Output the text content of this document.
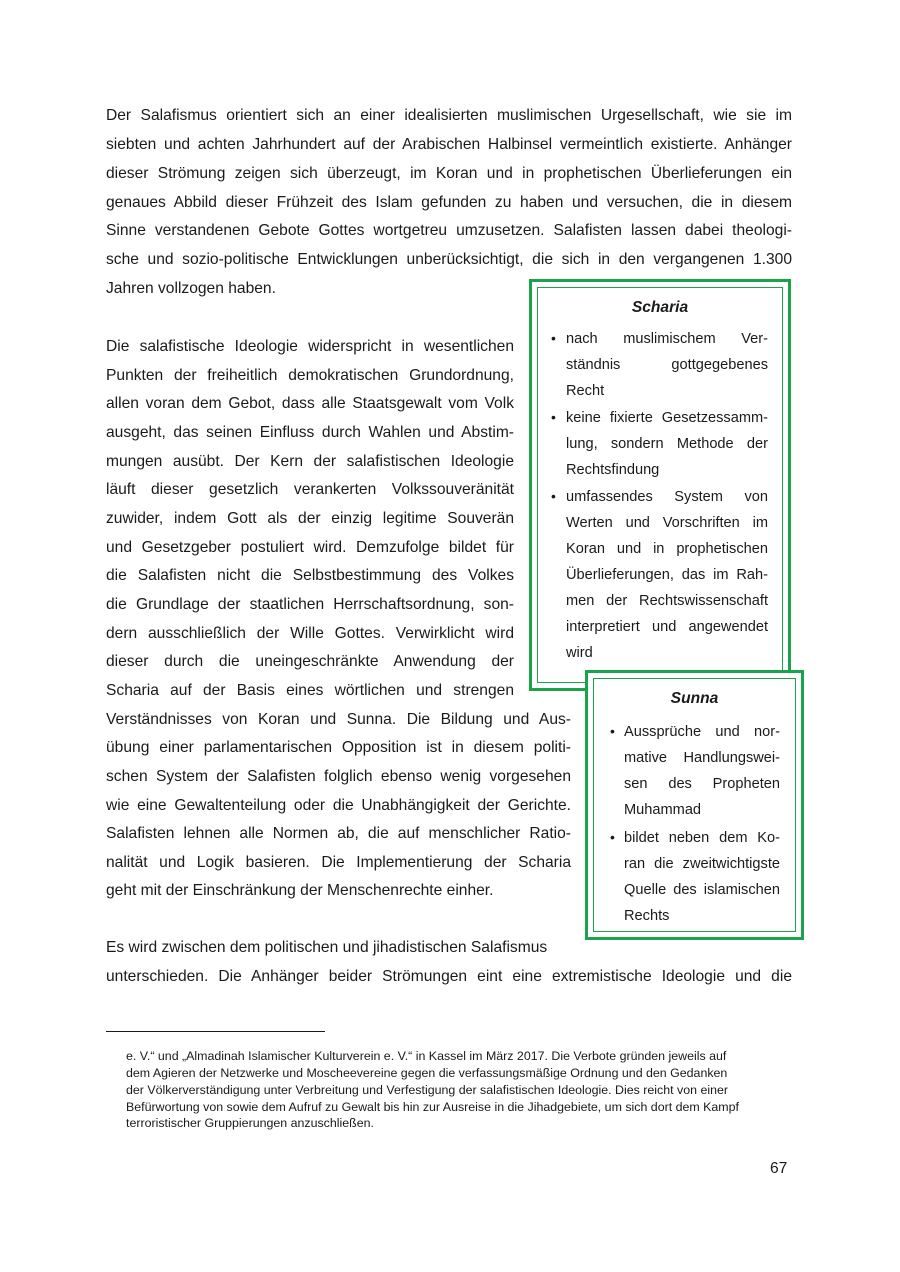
Der Salafismus orientiert sich an einer idealisierten muslimischen Urgesellschaft, wie sie im
siebten und achten Jahrhundert auf der Arabischen Halbinsel vermeintlich existierte. Anhänger
dieser Strömung zeigen sich überzeugt, im Koran und in prophetischen Überlieferungen ein
genaues Abbild dieser Frühzeit des Islam gefunden zu haben und versuchen, die in diesem
Sinne verstandenen Gebote Gottes wortgetreu umzusetzen. Salafisten lassen dabei theologi-
sche und sozio-politische Entwicklungen unberücksichtigt, die sich in den vergangenen 1.300
Jahren vollzogen haben.
Die salafistische Ideologie widerspricht in wesentlichen
Punkten der freiheitlich demokratischen Grundordnung,
allen voran dem Gebot, dass alle Staatsgewalt vom Volk
ausgeht, das seinen Einfluss durch Wahlen und Abstim-
mungen ausübt. Der Kern der salafistischen Ideologie
läuft dieser gesetzlich verankerten Volkssouveränität
zuwider, indem Gott als der einzig legitime Souverän
und Gesetzgeber postuliert wird. Demzufolge bildet für
die Salafisten nicht die Selbstbestimmung des Volkes
die Grundlage der staatlichen Herrschaftsordnung, son-
dern ausschließlich der Wille Gottes. Verwirklicht wird
dieser durch die uneingeschränkte Anwendung der
Scharia auf der Basis eines wörtlichen und strengen
Verständnisses von Koran und Sunna. Die Bildung und Aus-
übung einer parlamentarischen Opposition ist in diesem politi-
schen System der Salafisten folglich ebenso wenig vorgesehen
wie eine Gewaltenteilung oder die Unabhängigkeit der Gerichte.
Salafisten lehnen alle Normen ab, die auf menschlicher Ratio-
nalität und Logik basieren. Die Implementierung der Scharia
geht mit der Einschränkung der Menschenrechte einher.
Es wird zwischen dem politischen und jihadistischen Salafismus
unterschieden. Die Anhänger beider Strömungen eint eine extremistische Ideologie und die
Scharia
• nach muslimischem Ver-
ständnis gottgegebenes
Recht
• keine fixierte Gesetzessamm-
lung, sondern Methode der
Rechtsfindung
• umfassendes System von
Werten und Vorschriften im
Koran und in prophetischen
Überlieferungen, das im Rah-
men der Rechtswissenschaft
interpretiert und angewendet
wird
Sunna
• Aussprüche und nor-
mative Handlungswei-
sen des Propheten
Muhammad
• bildet neben dem Ko-
ran die zweitwichtigste
Quelle des islamischen
Rechts
e. V.“ und „Almadinah Islamischer Kulturverein e. V.“ in Kassel im März 2017. Die Verbote gründen jeweils auf
dem Agieren der Netzwerke und Moscheevereine gegen die verfassungsmäßige Ordnung und den Gedanken
der Völkerverständigung unter Verbreitung und Verfestigung der salafistischen Ideologie. Dies reicht von einer
Befürwortung von sowie dem Aufruf zu Gewalt bis hin zur Ausreise in die Jihadgebiete, um sich dort dem Kampf
terroristischer Gruppierungen anzuschließen.
67
